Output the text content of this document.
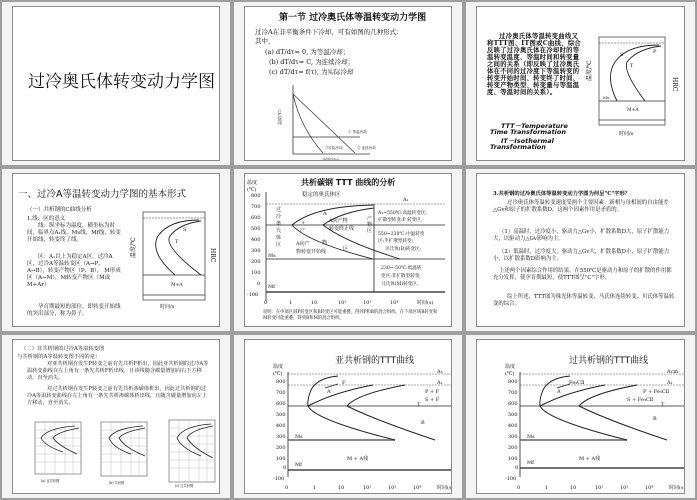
过冷奥氏体转变动力学图
第一节 过冷奥氏体等温转变动力学图
过冷A在非平衡条件下冷却，可有如图的几种形式：
其中，
(a) dT/dτ= 0, 为等温冷却；
(b) dT/dτ= C, 为连续冷却；
(c) dT/dτ= f(τ), 为实际冷却
温度(℃)
时间T(s)
① 等温冷却
③实际冷却	② 连续冷却
过冷奥氏体等温转变曲线又称TTT图、IT图或C曲线，综合反映了过冷奥氏体在冷却时的等温转变温度、等温时间和转变量之间的关系（即反映了过冷奥氏体在不同的过冷度下等温转变的转变开始时间、转变终了时间、转变产物类型、转变量与等温温度、等温时间的关系）。
TTT－Temperature
Time Transformation
IT－Isothermal
Transformation
温度/℃
HRC
时间/s
T
S	P
M+A
Ms
一、过冷A等温转变动力学图的基本形式
（一）共析钢的C曲线分析
1.线、区的意义
线：纵坐标为温度，横坐标为时间，临界点A₁线，Ms线，Mf线，转变开始线，转变终了线。
区：A₁以上为稳定A区，过冷A区，过冷A等温转变区（A→P、A→B），转变产物区（P、B）， M形成区（A→M），M转变产物区（M或M+Ar）
孕育期最短的部位，即转变开始线的突出部分，称为鼻子。
温度/℃	HRC
时间/s
M+A
S
T
共析碳钢 TTT 曲线的分析
温度
(℃)
800
700
600
500
400
300
200
100
0
-100
0	1	10	10²	10³	10⁴	时间(s)
稳定的奥氏体区
A₁
过
冷
奥
氏
体
区
A
A向产物
转变终止线
+
产
物
区
A向产
物转变开始线
产
物
区
Ms
Mf
A₁~550℃:高温转变区;
扩散型转变:P 转变区。
550~230℃:中温转变
区:半扩散型转变;
贝氏体(B)转变区;
230~-50℃:低温转
变区:非扩散型转变;
马氏体(M)转变区。
说明：在中部区域P转变区和B转变区可能重叠，得到P和B的混合组织。在下部区域B转变和M转变可能重叠，得到B和M的混合组织。
3.共析钢的过冷奥氏体等温转变动力学图为何呈"C"字形？
过冷奥氏体等温转变速度受两个主要因素：新相与母相间的自由能差△Gv和原子的扩散系数D，这两个因素作用是矛盾的。
（1）高温时，过冷度小，驱动力△Gv小，扩散系数D大，原子扩散能力大，以驱动力△Gv影响为主。
（2）低温时，过冷度大，驱动力△Gv大，扩散系数D小，原子扩散能力小，以扩散系数D影响为主。
上述两个因素综合作用的结果，在550℃是驱动力和原子的扩散的作用都充分发挥，使孕育期最短，使TTT图呈"C"字形。
综上所述，TTT图为珠光体等温转变、马氏体连续转变、贝氏体等温转变的综合。
（二）非共析钢的过冷A等温转变图
与共析钢的A等温转变图不同的是：
对亚共析钢在发生P转变之前有先共析F析出，因此亚共析钢的过冷A等温转变曲线在左上角有一条先共析F析出线，且该线随含碳量增加向右下方移动，直至消失。
对过共析钢在发生P转变之前有先共析渗碳体析出，因此过共析钢的过冷A等温转变曲线在左上角有一条先共析渗碳体析出线，且随含碳量增加向左上方移动，直至消失。
(a) 亚共析钢	(b) 共析钢
(c) 过共析钢
亚共析钢的TTT曲线
温度
(℃)
800
700
600
500
400
300
200
100
0
-100
Ms
Mf
0	1	10	10²	10³	10⁴	时间(s)
A₃
A₁
F
A	P + F
S + F
T
B
M + A残
过共析钢的TTT曲线
温度
(℃)
800
700
600
500
400
300
200
100
0
-100
Ms
Mf
0	1	10	10²	10³	10⁴	时间(s)
Acm
A₁
Fe₃CⅡ
A	P + Fe₃CⅡ
S + Fe₃CⅡ
T
B
M + A残
